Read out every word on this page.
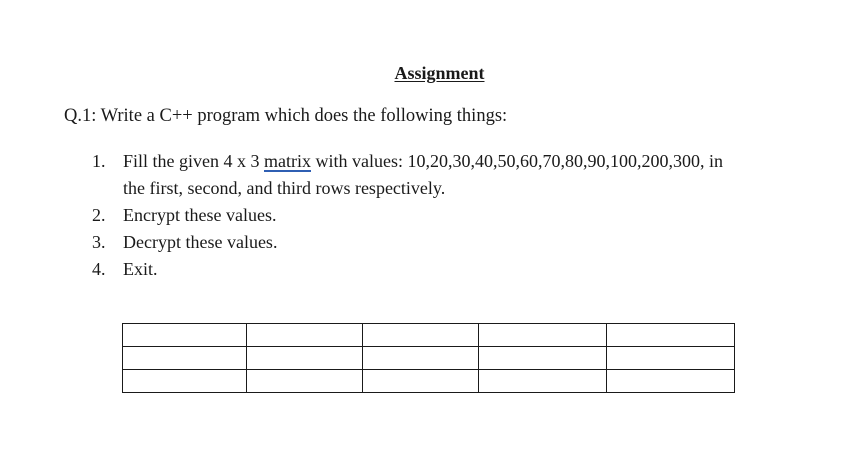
Assignment
Q.1: Write a C++ program which does the following things:
1. Fill the given 4 x 3 matrix with values: 10,20,30,40,50,60,70,80,90,100,200,300, in
the first, second, and third rows respectively.
2. Encrypt these values.
3. Decrypt these values.
4. Exit.
